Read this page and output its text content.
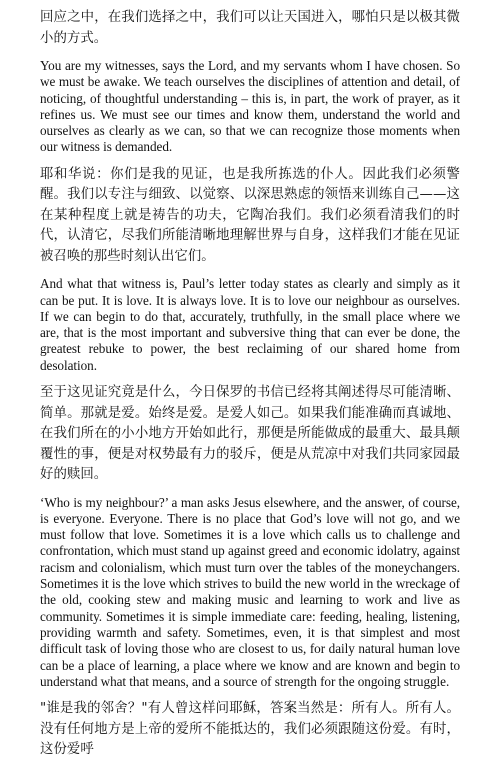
回应之中，在我们选择之中，我们可以让天国进入，哪怕只是以极其微小的方式。

You are my witnesses, says the Lord, and my servants whom I have chosen. So we must be awake. We teach ourselves the disciplines of attention and detail, of noticing, of thoughtful understanding – this is, in part, the work of prayer, as it refines us. We must see our times and know them, understand the world and ourselves as clearly as we can, so that we can recognize those moments when our witness is demanded.

耶和华说：你们是我的见证，也是我所拣选的仆人。因此我们必须警醒。我们以专注与细致、以觉察、以深思熟虑的领悟来训练自己——这在某种程度上就是祷告的功夫，它陶冶我们。我们必须看清我们的时代，认清它，尽我们所能清晰地理解世界与自身，这样我们才能在见证被召唤的那些时刻认出它们。

And what that witness is, Paul’s letter today states as clearly and simply as it can be put. It is love. It is always love. It is to love our neighbour as ourselves. If we can begin to do that, accurately, truthfully, in the small place where we are, that is the most important and subversive thing that can ever be done, the greatest rebuke to power, the best reclaiming of our shared home from desolation.

至于这见证究竟是什么，今日保罗的书信已经将其阐述得尽可能清晰、简单。那就是爱。始终是爱。是爱人如己。如果我们能准确而真诚地、在我们所在的小小地方开始如此行，那便是所能做成的最重大、最具颠覆性的事，便是对权势最有力的驳斥，便是从荒凉中对我们共同家园最好的赎回。

‘Who is my neighbour?’ a man asks Jesus elsewhere, and the answer, of course, is everyone. Everyone. There is no place that God’s love will not go, and we must follow that love. Sometimes it is a love which calls us to challenge and confrontation, which must stand up against greed and economic idolatry, against racism and colonialism, which must turn over the tables of the moneychangers. Sometimes it is the love which strives to build the new world in the wreckage of the old, cooking stew and making music and learning to work and live as community. Sometimes it is simple immediate care: feeding, healing, listening, providing warmth and safety. Sometimes, even, it is that simplest and most difficult task of loving those who are closest to us, for daily natural human love can be a place of learning, a place where we know and are known and begin to understand what that means, and a source of strength for the ongoing struggle.

"谁是我的邻舍？"有人曾这样问耶稣，答案当然是：所有人。所有人。没有任何地方是上帝的爱所不能抵达的，我们必须跟随这份爱。有时，这份爱呼
